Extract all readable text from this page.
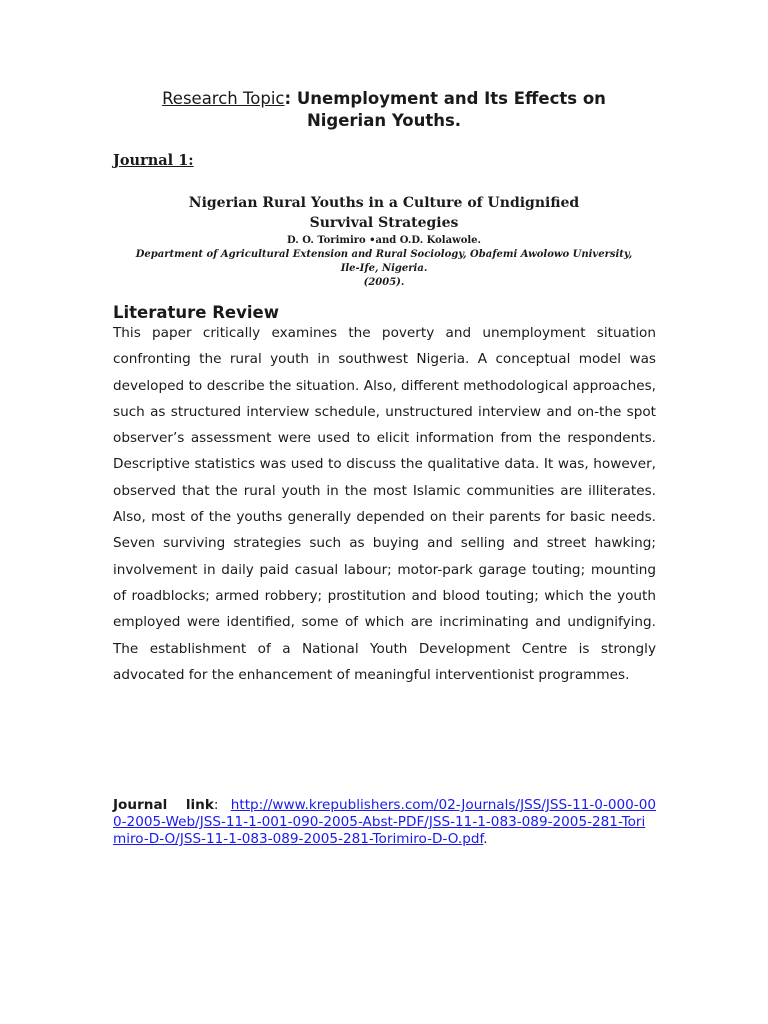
Research Topic: Unemployment and Its Effects on
Nigerian Youths.
Journal 1:
Nigerian Rural Youths in a Culture of Undignified
Survival Strategies
D. O. Torimiro •and O.D. Kolawole.
Department of Agricultural Extension and Rural Sociology, Obafemi Awolowo University,
Ile-Ife, Nigeria.
(2005).
Literature Review

This paper critically examines the poverty and unemployment situation confronting the rural youth in southwest Nigeria. A conceptual model was developed to describe the situation. Also, different methodological approaches, such as structured interview schedule, unstructured interview and on-the spot observer’s assessment were used to elicit information from the respondents. Descriptive statistics was used to discuss the qualitative data. It was, however, observed that the rural youth in the most Islamic communities are illiterates. Also, most of the youths generally depended on their parents for basic needs. Seven surviving strategies such as buying and selling and street hawking; involvement in daily paid casual labour; motor-park garage touting; mounting of roadblocks; armed robbery; prostitution and blood touting; which the youth employed were identified, some of which are incriminating and undignifying. The establishment of a National Youth Development Centre is strongly advocated for the enhancement of meaningful interventionist programmes.

Journal link: http://www.krepublishers.com/02-Journals/JSS/JSS-11-0-000-000-2005-Web/JSS-11-1-001-090-2005-Abst-PDF/JSS-11-1-083-089-2005-281-Torimiro-D-O/JSS-11-1-083-089-2005-281-Torimiro-D-O.pdf.
